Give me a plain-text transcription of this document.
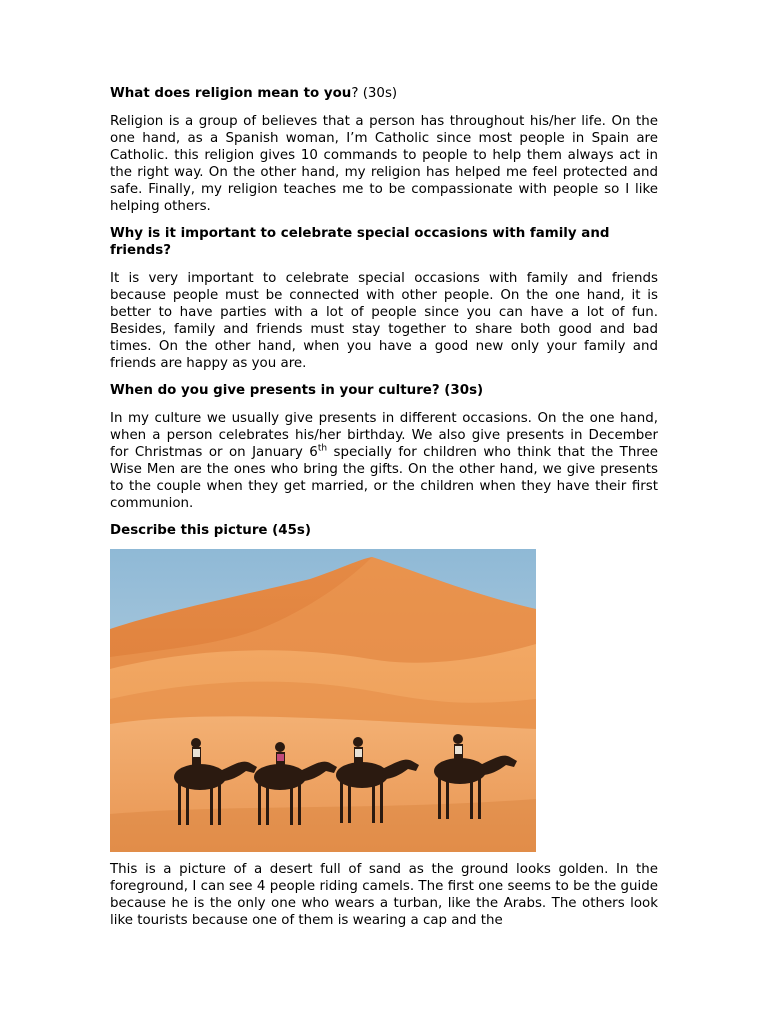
What does religion mean to you? (30s)

Religion is a group of believes that a person has throughout his/her life. On the one hand, as a Spanish woman, I’m Catholic since most people in Spain are Catholic. this religion gives 10 commands to people to help them always act in the right way. On the other hand, my religion has helped me feel protected and safe. Finally, my religion teaches me to be compassionate with people so I like helping others.

Why is it important to celebrate special occasions with family and friends?

It is very important to celebrate special occasions with family and friends because people must be connected with other people. On the one hand, it is better to have parties with a lot of people since you can have a lot of fun. Besides, family and friends must stay together to share both good and bad times. On the other hand, when you have a good new only your family and friends are happy as you are.

When do you give presents in your culture? (30s)

In my culture we usually give presents in different occasions. On the one hand, when a person celebrates his/her birthday. We also give presents in December for Christmas or on January 6th specially for children who think that the Three Wise Men are the ones who bring the gifts. On the other hand, we give presents to the couple when they get married, or the children when they have their first communion.

Describe this picture (45s)

This is a picture of a desert full of sand as the ground looks golden. In the foreground, I can see 4 people riding camels. The first one seems to be the guide because he is the only one who wears a turban, like the Arabs. The others look like tourists because one of them is wearing a cap and the
